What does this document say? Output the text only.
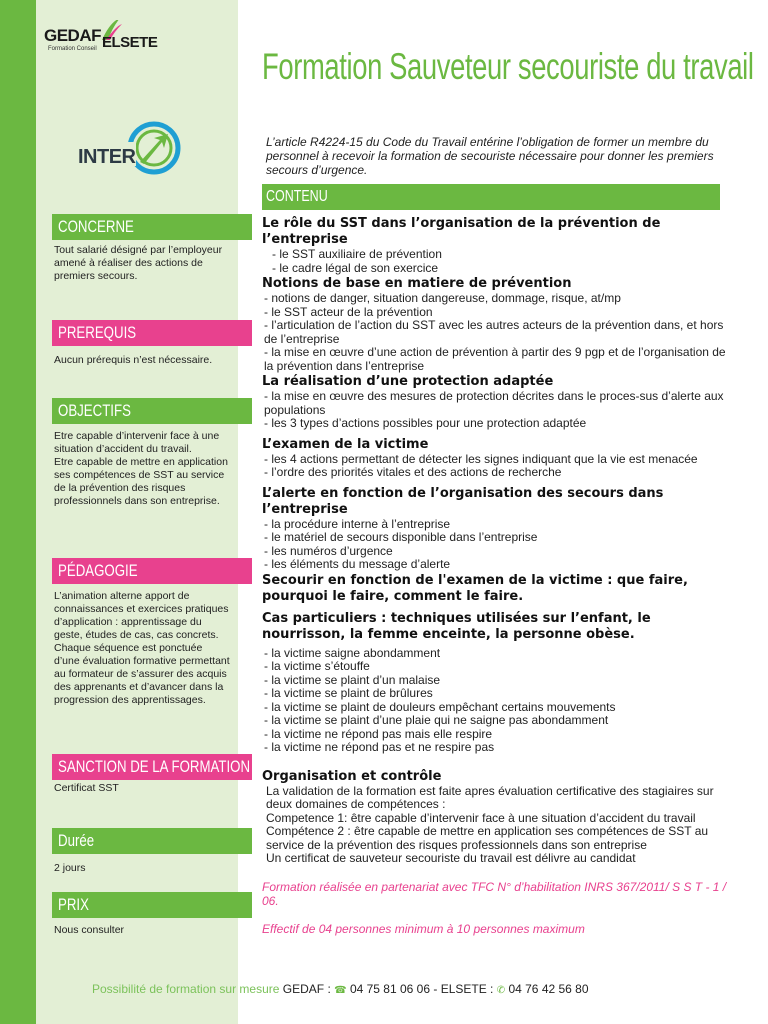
GEDAF ELSETE
Formation Conseil
INTER
CONCERNE
Tout salarié désigné par l’employeur amené à réaliser des actions de premiers secours.
PREREQUIS
Aucun prérequis n’est nécessaire.
OBJECTIFS
Etre capable d’intervenir face à une situation d’accident du travail.
Etre capable de mettre en application ses compétences de SST au service de la prévention des risques professionnels dans son entreprise.
PÉDAGOGIE
L’animation alterne apport de connaissances et exercices pratiques d’application : apprentissage du geste, études de cas, cas concrets. Chaque séquence est ponctuée d’une évaluation formative permettant au formateur de s’assurer des acquis des apprenants et d’avancer dans la progression des apprentissages.
SANCTION DE LA FORMATION
Certificat SST
Durée
2 jours
PRIX
Nous consulter
Formation Sauveteur secouriste du travail
L’article R4224-15 du Code du Travail entérine l’obligation de former un membre du personnel à recevoir la formation de secouriste nécessaire pour donner les premiers secours d’urgence.
CONTENU

Le rôle du SST dans l’organisation de la prévention de l’entreprise

- le SST auxiliaire de prévention

- le cadre légal de son exercice

Notions de base en matiere de prévention

- notions de danger, situation dangereuse, dommage, risque, at/mp

- le SST acteur de la prévention

- l’articulation de l’action du SST avec les autres acteurs de la prévention dans, et hors de l’entreprise

- la mise en œuvre d’une action de prévention à partir des 9 pgp et de l’organisation de la prévention dans l’entreprise

La réalisation d’une protection adaptée

- la mise en œuvre des mesures de protection décrites dans le proces-sus d’alerte aux populations

- les 3 types d’actions possibles pour une protection adaptée

L’examen de la victime

- les 4 actions permettant de détecter les signes indiquant que la vie est menacée

- l’ordre des priorités vitales et des actions de recherche

L’alerte en fonction de l’organisation des secours dans l’entreprise

- la procédure interne à l’entreprise

- le matériel de secours disponible dans l’entreprise

- les numéros d’urgence

- les éléments du message d’alerte

Secourir en fonction de l'examen de la victime : que faire, pourquoi le faire, comment le faire.

Cas particuliers : techniques utilisées sur l’enfant, le nourrisson, la femme enceinte, la personne obèse.

- la victime saigne abondamment

- la victime s’étouffe

- la victime se plaint d’un malaise

- la victime se plaint de brûlures

- la victime se plaint de douleurs empêchant certains mouvements

- la victime se plaint d’une plaie qui ne saigne pas abondamment

- la victime ne répond pas mais elle respire

- la victime ne répond pas et ne respire pas

Organisation et contrôle

La validation de la formation est faite apres évaluation certificative des stagiaires sur deux domaines de compétences :

Competence 1: être capable d’intervenir face à une situation d’accident du travail

Compétence 2 : être capable de mettre en application ses compétences de SST au service de la prévention des risques professionnels dans son entreprise

Un certificat de sauveteur secouriste du travail est délivre au candidat

Formation réalisée en partenariat avec TFC N° d’habilitation INRS 367/2011/ S S T - 1 / 06.

Effectif de 04 personnes minimum à 10 personnes maximum

Possibilité de formation sur mesure GEDAF : ☎ 04 75 81 06 06 - ELSETE : ✆ 04 76 42 56 80
